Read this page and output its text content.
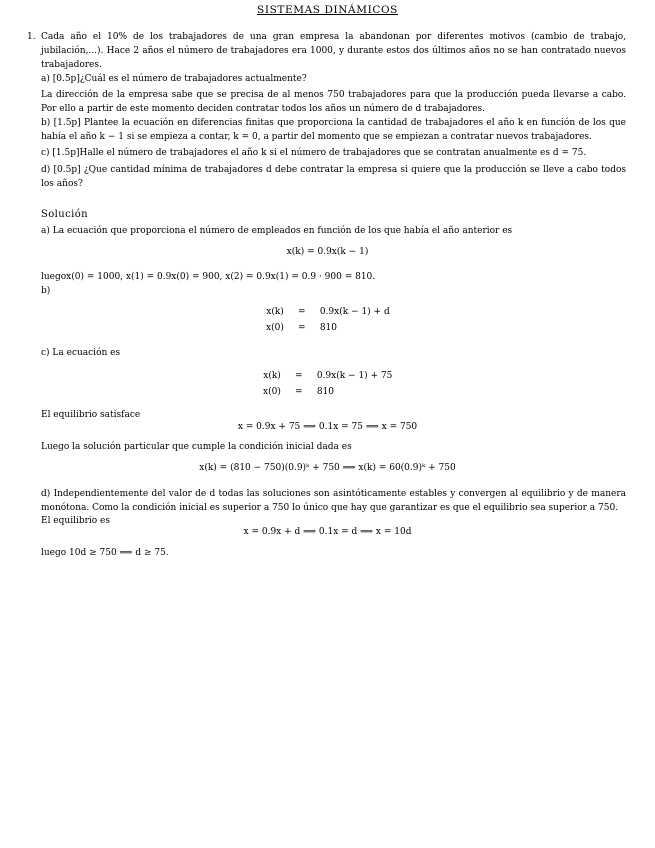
SISTEMAS DINÁMICOS
1. Cada año el 10% de los trabajadores de una gran empresa la abandonan por diferentes motivos (cambio de trabajo, jubilación,...). Hace 2 años el número de trabajadores era 1000, y durante estos dos últimos años no se han contratado nuevos trabajadores.
a) [0.5p]¿Cuál es el número de trabajadores actualmente?
La dirección de la empresa sabe que se precisa de al menos 750 trabajadores para que la producción pueda llevarse a cabo. Por ello a partir de este momento deciden contratar todos los años un número de d trabajadores.
b) [1.5p] Plantee la ecuación en diferencias finitas que proporciona la cantidad de trabajadores el año k en función de los que había el año k − 1 si se empieza a contar, k = 0, a partir del momento que se empiezan a contratar nuevos trabajadores.
c) [1.5p]Halle el número de trabajadores el año k si el número de trabajadores que se contratan anualmente es d = 75.
d) [0.5p] ¿Que cantidad mínima de trabajadores d debe contratar la empresa si quiere que la producción se lleve a cabo todos los años?
Solución
a) La ecuación que proporciona el número de empleados en función de los que había el año anterior es
x(k) = 0.9x(k − 1)
luegox(0) = 1000, x(1) = 0.9x(0) = 900, x(2) = 0.9x(1) = 0.9 · 900 = 810.
b)
x(k)	=	0.9x(k − 1) + d
x(0)	=	810
c) La ecuación es
x(k)	=	0.9x(k − 1) + 75
x(0)	=	810
El equilibrio satisface
x = 0.9x + 75 ⟹ 0.1x = 75 ⟹ x = 750
Luego la solución particular que cumple la condición inicial dada es
x(k) = (810 − 750)(0.9)ᵏ + 750 ⟹ x(k) = 60(0.9)ᵏ + 750
d) Independientemente del valor de d todas las soluciones son asintóticamente estables y convergen al equilibrio y de manera monótona. Como la condición inicial es superior a 750 lo único que hay que garantizar es que el equilibrio sea superior a 750.
El equilibrio es
x = 0.9x + d ⟹ 0.1x = d ⟹ x = 10d
luego 10d ≥ 750 ⟹ d ≥ 75.
